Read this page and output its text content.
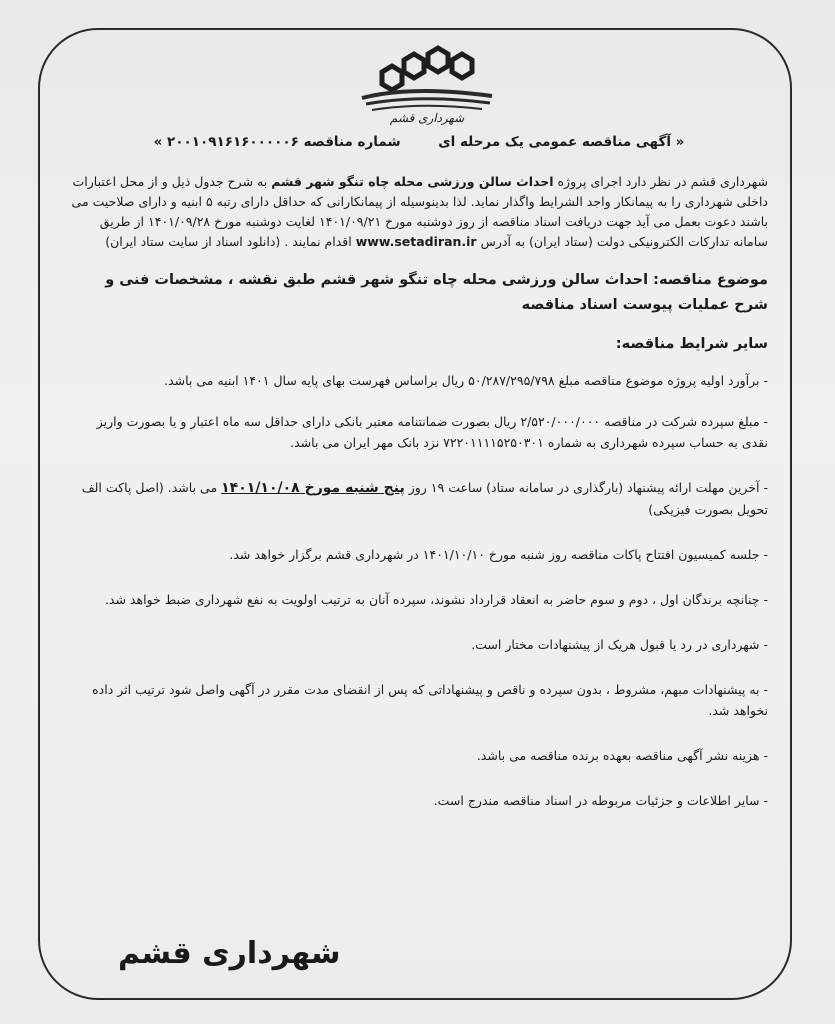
شهرداری قشم
« آگهی مناقصه عمومی یک مرحله ای        شماره مناقصه ۲۰۰۱۰۹۱۶۱۶۰۰۰۰۰۶ »

شهرداری قشم در نظر دارد اجرای پروژه احداث سالن ورزشی محله چاه تنگو شهر قشم به شرح جدول ذیل و از محل اعتبارات داخلی شهرداری را به پیمانکار واجد الشرایط واگذار نماید. لذا بدینوسیله از پیمانکارانی که حداقل دارای رتبه ۵ ابنیه و دارای صلاحیت می باشند دعوت بعمل می آید جهت دریافت اسناد مناقصه از روز دوشنبه مورخ ۱۴۰۱/۰۹/۲۱ لغایت دوشنبه مورخ ۱۴۰۱/۰۹/۲۸ از طریق سامانه تدارکات الکترونیکی دولت (ستاد ایران) به آدرس www.setadiran.ir اقدام نمایند . (دانلود اسناد از سایت ستاد ایران)

موضوع مناقصه: احداث سالن ورزشی محله چاه تنگو شهر قشم طبق نقشه ، مشخصات فنی و شرح عملیات پیوست اسناد مناقصه

سایر شرایط مناقصه:

- برآورد اولیه پروژه موضوع مناقصه مبلغ ۵۰/۲۸۷/۲۹۵/۷۹۸ ریال براساس فهرست بهای پایه سال ۱۴۰۱ ابنیه می باشد.

- مبلغ سپرده شرکت در مناقصه ۲/۵۲۰/۰۰۰/۰۰۰ ریال بصورت ضمانتنامه معتبر بانکی دارای حداقل سه ماه اعتبار و یا بصورت واریز نقدی به حساب سپرده شهرداری به شماره ۷۲۲۰۱۱۱۱۵۲۵۰۳۰۱ نزد بانک مهر ایران می باشد.

- آخرین مهلت ارائه پیشنهاد (بارگذاری در سامانه ستاد) ساعت ۱۹ روز پنج شنبه مورخ ۱۴۰۱/۱۰/۰۸ می باشد. (اصل پاکت الف تحویل بصورت فیزیکی)

- جلسه کمیسیون افتتاح پاکات مناقصه روز شنبه مورخ ۱۴۰۱/۱۰/۱۰ در شهرداری قشم برگزار خواهد شد.

- چنانچه برندگان اول ، دوم و سوم حاضر به انعقاد قرارداد نشوند، سپرده آنان به ترتیب اولویت به نفع شهرداری ضبط خواهد شد.

- شهرداری در رد یا قبول هریک از پیشنهادات مختار است.

- به پیشنهادات مبهم، مشروط ، بدون سپرده و ناقص و پیشنهاداتی که پس از انقضای مدت مقرر در آگهی واصل شود ترتیب اثر داده نخواهد شد.

- هزینه نشر آگهی مناقصه بعهده برنده مناقصه می باشد.

- سایر اطلاعات و جزئیات مربوطه در اسناد مناقصه مندرج است.

شهرداری قشم
